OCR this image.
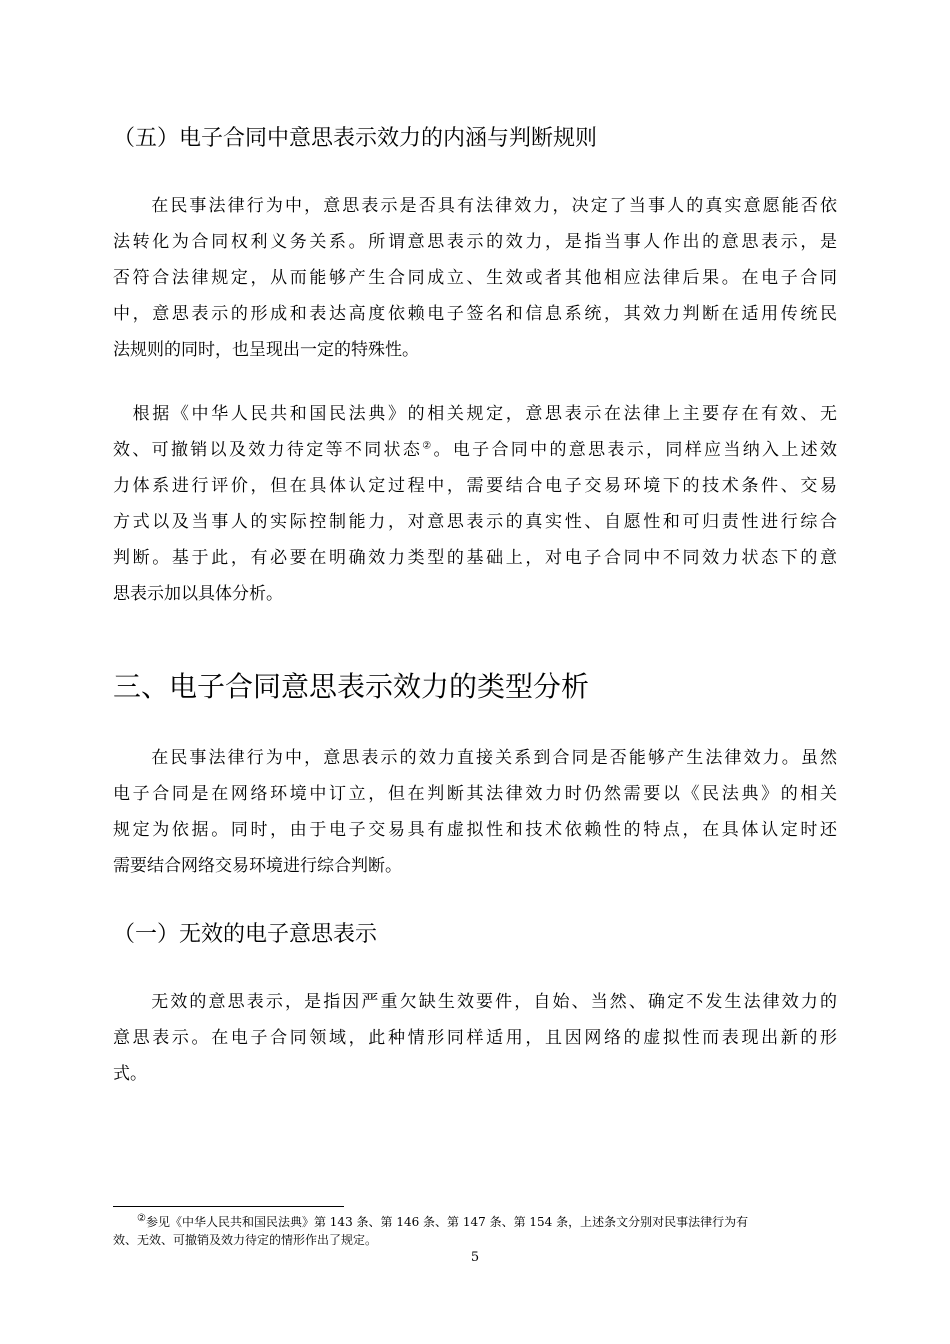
（五）电子合同中意思表示效力的内涵与判断规则
　　在民事法律行为中，意思表示是否具有法律效力，决定了当事人的真实意愿能否依
法转化为合同权利义务关系。所谓意思表示的效力，是指当事人作出的意思表示，是
否符合法律规定，从而能够产生合同成立、生效或者其他相应法律后果。在电子合同
中，意思表示的形成和表达高度依赖电子签名和信息系统，其效力判断在适用传统民
法规则的同时，也呈现出一定的特殊性。
　根据《中华人民共和国民法典》的相关规定，意思表示在法律上主要存在有效、无
效、可撤销以及效力待定等不同状态②。电子合同中的意思表示，同样应当纳入上述效
力体系进行评价，但在具体认定过程中，需要结合电子交易环境下的技术条件、交易
方式以及当事人的实际控制能力，对意思表示的真实性、自愿性和可归责性进行综合
判断。基于此，有必要在明确效力类型的基础上，对电子合同中不同效力状态下的意
思表示加以具体分析。
三、电子合同意思表示效力的类型分析
　　在民事法律行为中，意思表示的效力直接关系到合同是否能够产生法律效力。虽然
电子合同是在网络环境中订立，但在判断其法律效力时仍然需要以《民法典》的相关
规定为依据。同时，由于电子交易具有虚拟性和技术依赖性的特点，在具体认定时还
需要结合网络交易环境进行综合判断。
（一）无效的电子意思表示
　　无效的意思表示，是指因严重欠缺生效要件，自始、当然、确定不发生法律效力的
意思表示。在电子合同领域，此种情形同样适用，且因网络的虚拟性而表现出新的形
式。
　　②参见《中华人民共和国民法典》第 143 条、第 146 条、第 147 条、第 154 条，上述条文分别对民事法律行为有
效、无效、可撤销及效力待定的情形作出了规定。
5
